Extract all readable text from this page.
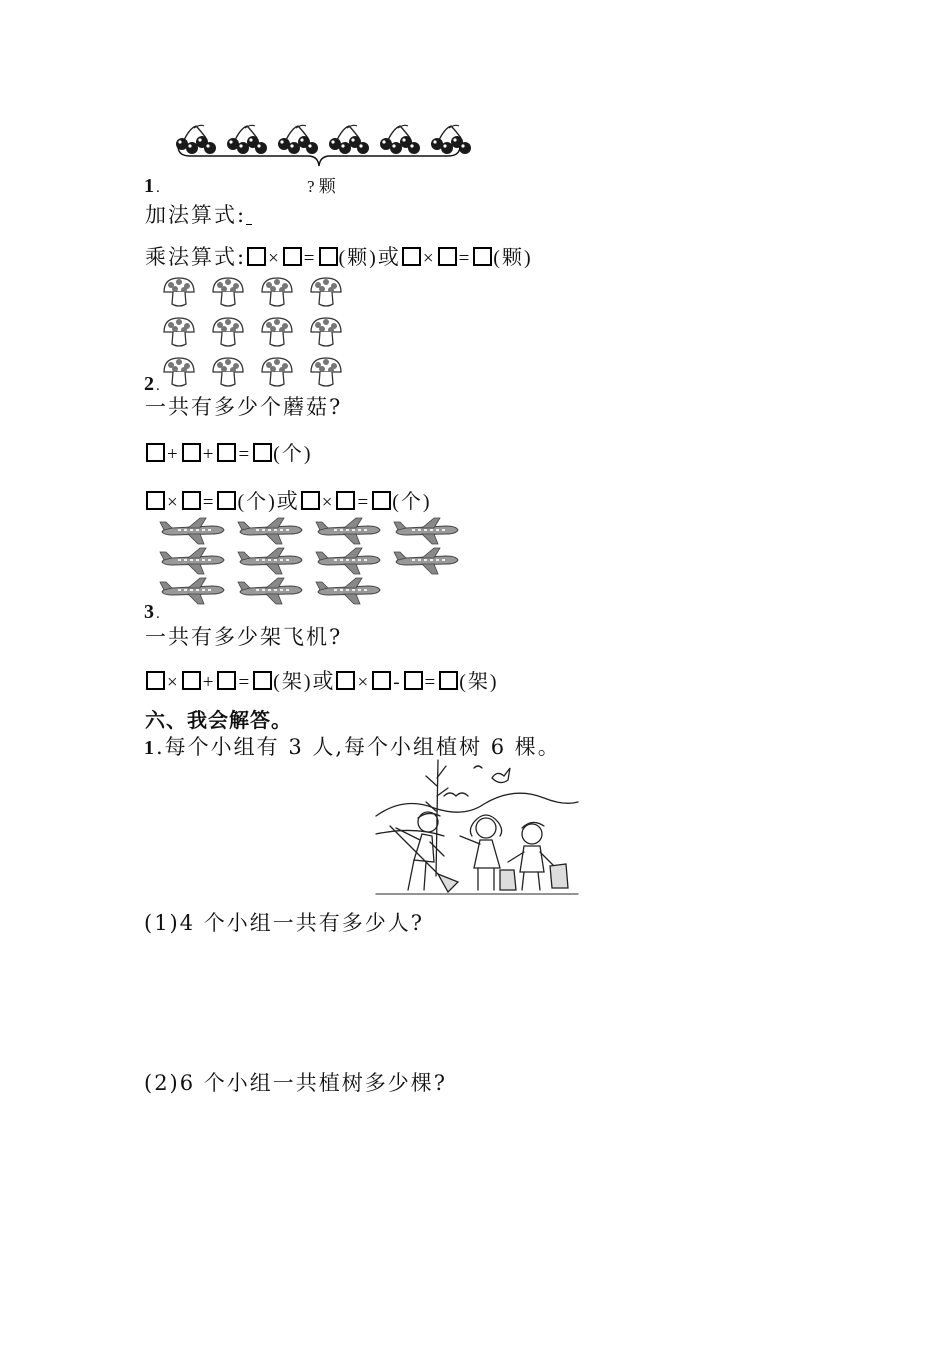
1.	? 颗
加法算式:
乘法算式: × = (颗)或 × = (颗)
2.
一共有多少个蘑菇?
+ + = (个)
× = (个)或 × = (个)
3.
一共有多少架飞机?
× + = (架)或 × - = (架)
六、我会解答。
1.每个小组有 3 人,每个小组植树 6 棵。
(1)4 个小组一共有多少人?
(2)6 个小组一共植树多少棵?
